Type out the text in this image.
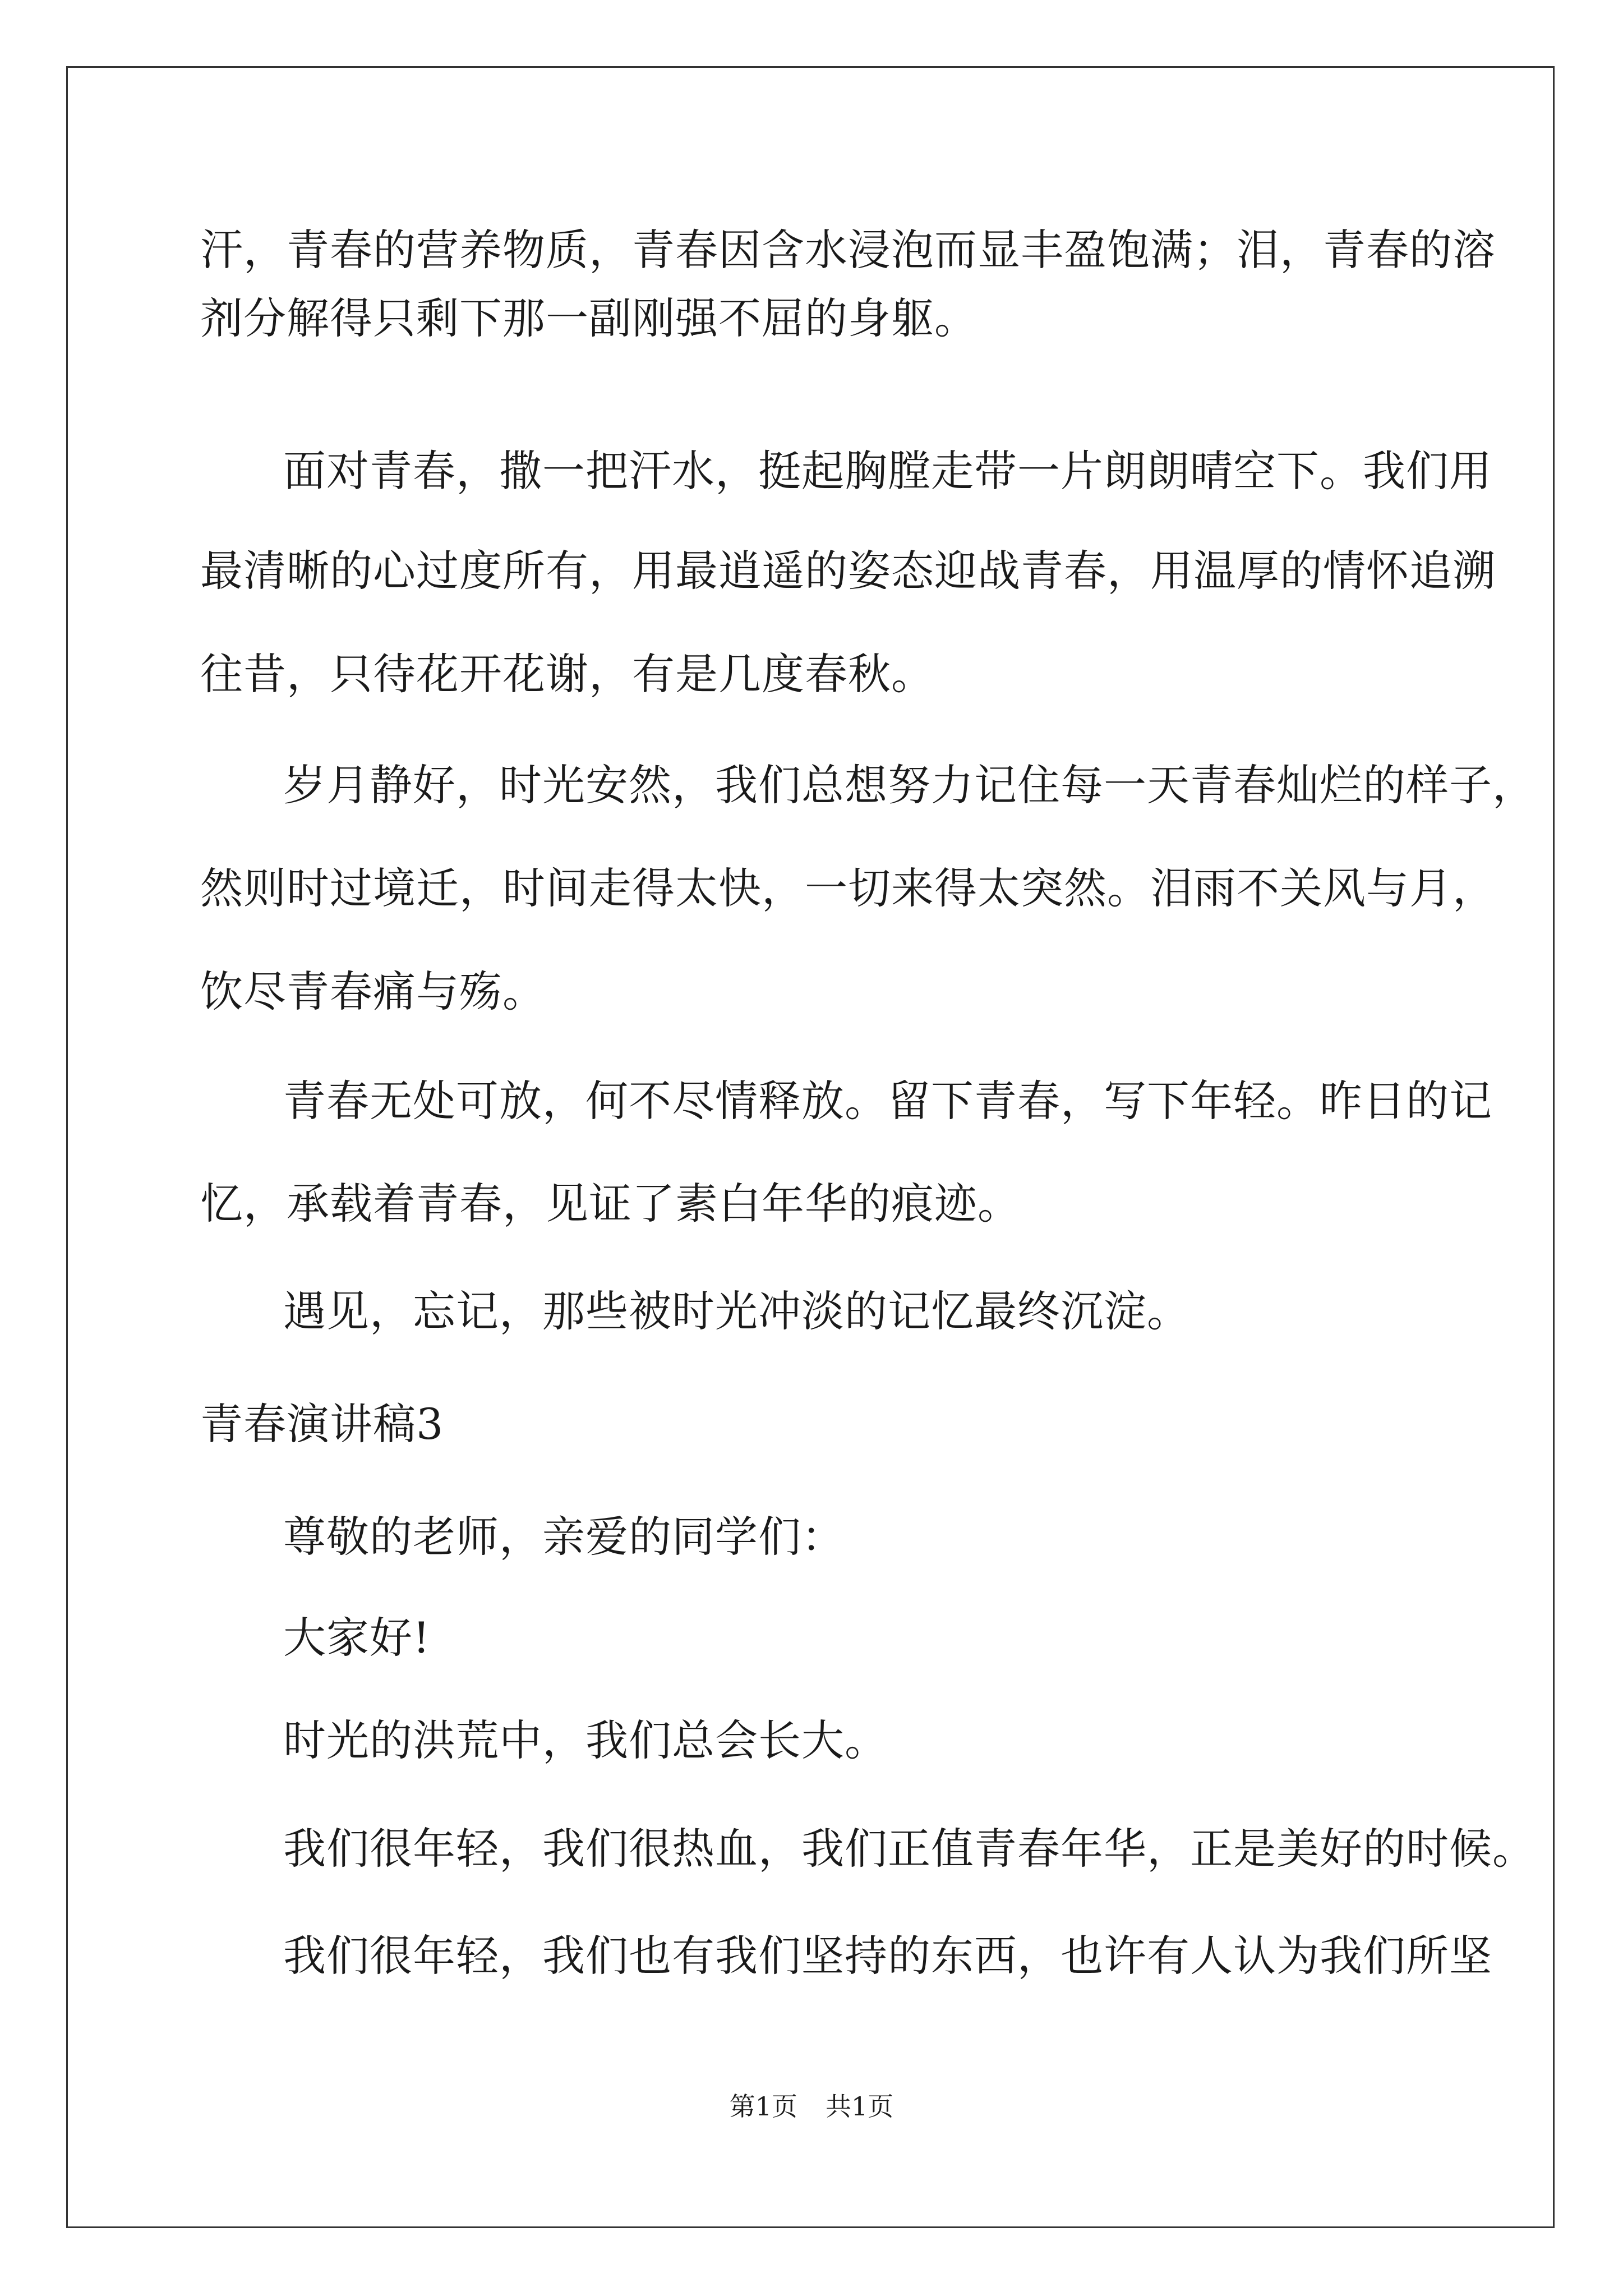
汗，青春的营养物质，青春因含水浸泡而显丰盈饱满；泪，青春的溶
剂分解得只剩下那一副刚强不屈的身躯。
面对青春，撒一把汗水，挺起胸膛走带一片朗朗晴空下。我们用
最清晰的心过度所有，用最逍遥的姿态迎战青春，用温厚的情怀追溯
往昔，只待花开花谢，有是几度春秋。
岁月静好，时光安然，我们总想努力记住每一天青春灿烂的样子，
然则时过境迁，时间走得太快，一切来得太突然。泪雨不关风与月，
饮尽青春痛与殇。
青春无处可放，何不尽情释放。留下青春，写下年轻。昨日的记
忆，承载着青春，见证了素白年华的痕迹。
遇见，忘记，那些被时光冲淡的记忆最终沉淀。
青春演讲稿3
尊敬的老师，亲爱的同学们：
大家好!
时光的洪荒中，我们总会长大。
我们很年轻，我们很热血，我们正值青春年华，正是美好的时候。
我们很年轻，我们也有我们坚持的东西，也许有人认为我们所坚
第1页 共1页
